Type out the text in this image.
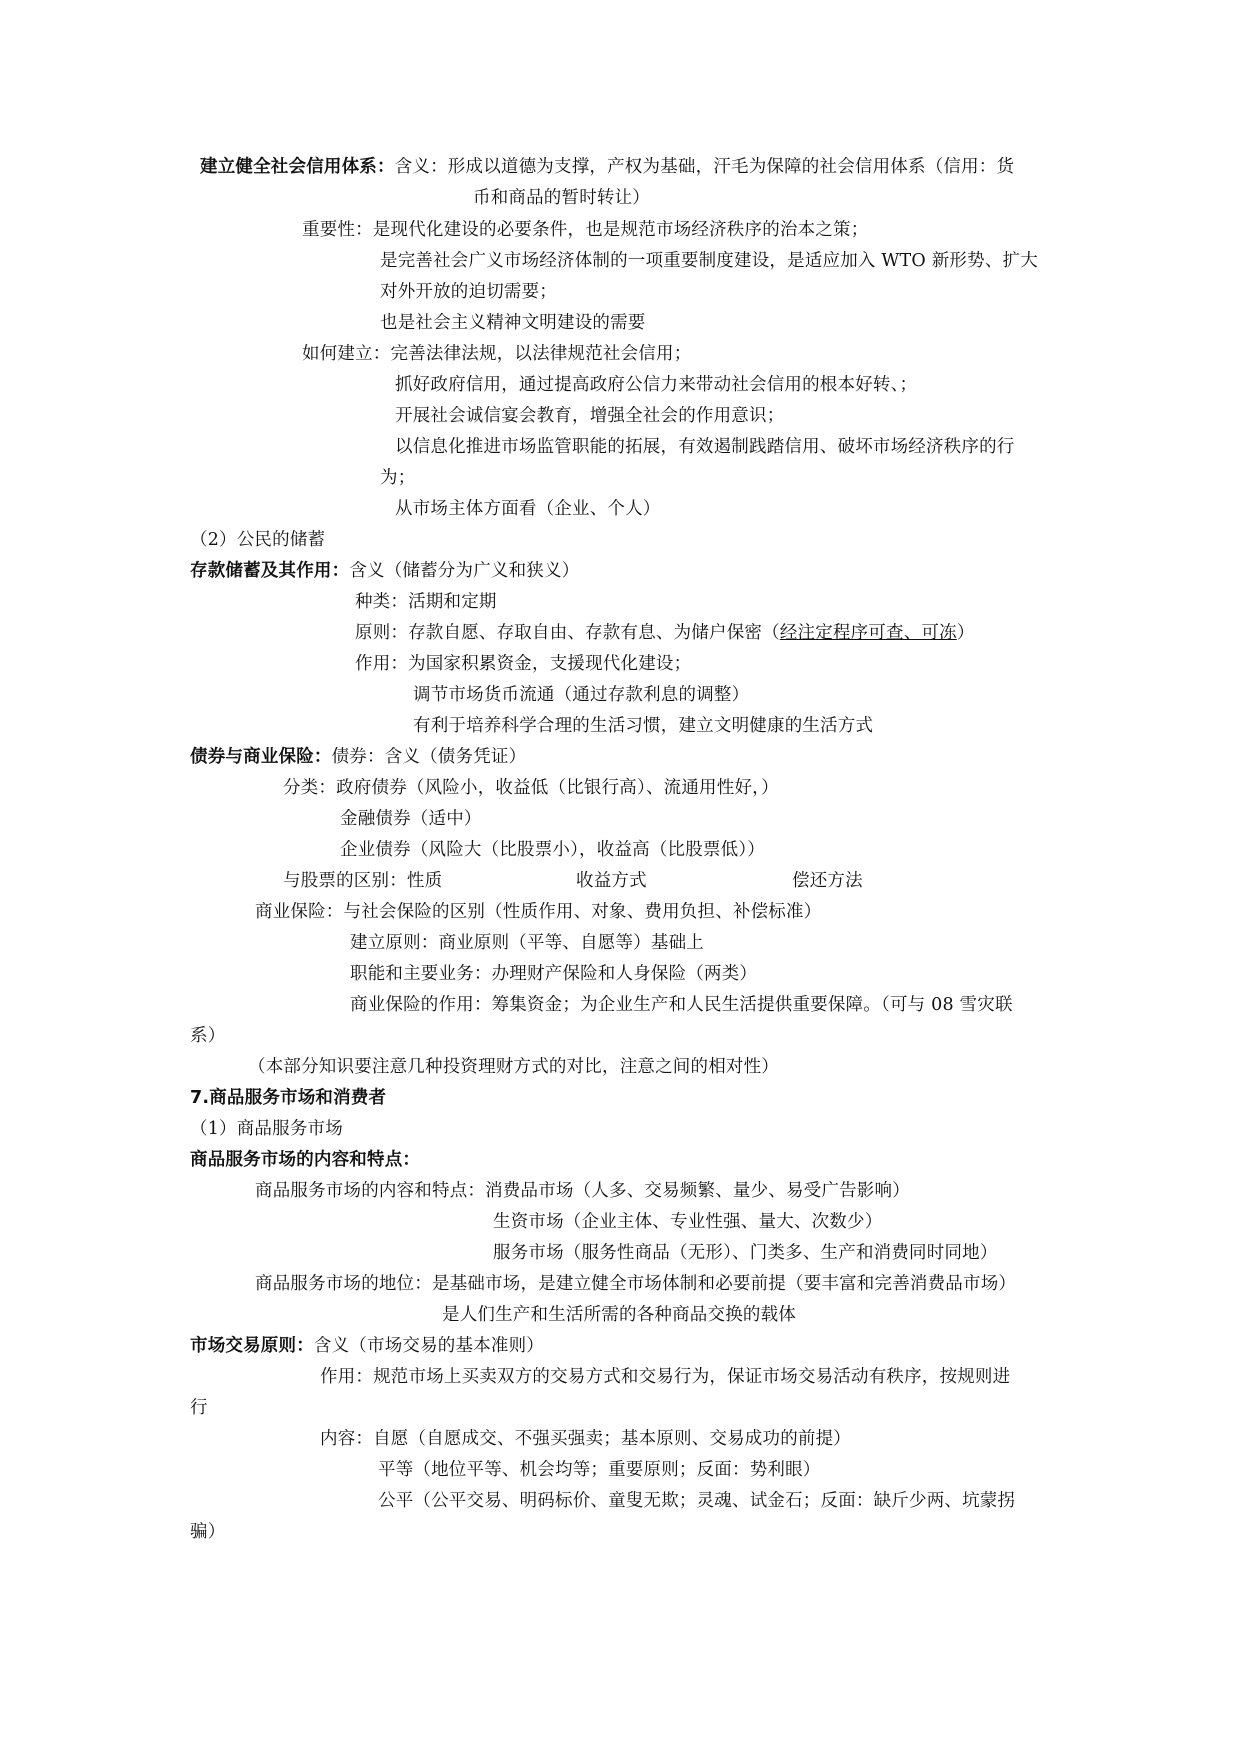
建立健全社会信用体系：含义：形成以道德为支撑，产权为基础，汗毛为保障的社会信用体系（信用：货
币和商品的暂时转让）
重要性：是现代化建设的必要条件，也是规范市场经济秩序的治本之策；
是完善社会广义市场经济体制的一项重要制度建设，是适应加入 WTO 新形势、扩大
对外开放的迫切需要；
也是社会主义精神文明建设的需要
如何建立：完善法律法规，以法律规范社会信用；
抓好政府信用，通过提高政府公信力来带动社会信用的根本好转、；
开展社会诚信宴会教育，增强全社会的作用意识；
以信息化推进市场监管职能的拓展，有效遏制践踏信用、破坏市场经济秩序的行
为；
从市场主体方面看（企业、个人）
（2）公民的储蓄
存款储蓄及其作用：含义（储蓄分为广义和狭义）
种类：活期和定期
原则：存款自愿、存取自由、存款有息、为储户保密（经注定程序可查、可冻）
作用：为国家积累资金，支援现代化建设；
调节市场货币流通（通过存款利息的调整）
有利于培养科学合理的生活习惯，建立文明健康的生活方式
债券与商业保险：债券：含义（债务凭证）
分类：政府债券（风险小，收益低（比银行高）、流通用性好，）
金融债券（适中）
企业债券（风险大（比股票小），收益高（比股票低））
与股票的区别：性质	收益方式	偿还方法
商业保险：与社会保险的区别（性质作用、对象、费用负担、补偿标准）
建立原则：商业原则（平等、自愿等）基础上
职能和主要业务：办理财产保险和人身保险（两类）
商业保险的作用：筹集资金；为企业生产和人民生活提供重要保障。（可与 08 雪灾联
系）
（本部分知识要注意几种投资理财方式的对比，注意之间的相对性）
7.商品服务市场和消费者
（1）商品服务市场
商品服务市场的内容和特点：
商品服务市场的内容和特点：消费品市场（人多、交易频繁、量少、易受广告影响）
生资市场（企业主体、专业性强、量大、次数少）
服务市场（服务性商品（无形）、门类多、生产和消费同时同地）
商品服务市场的地位：是基础市场，是建立健全市场体制和必要前提（要丰富和完善消费品市场）
是人们生产和生活所需的各种商品交换的载体
市场交易原则：含义（市场交易的基本准则）
作用：规范市场上买卖双方的交易方式和交易行为，保证市场交易活动有秩序，按规则进
行
内容：自愿（自愿成交、不强买强卖；基本原则、交易成功的前提）
平等（地位平等、机会均等；重要原则；反面：势利眼）
公平（公平交易、明码标价、童叟无欺；灵魂、试金石；反面：缺斤少两、坑蒙拐
骗）
